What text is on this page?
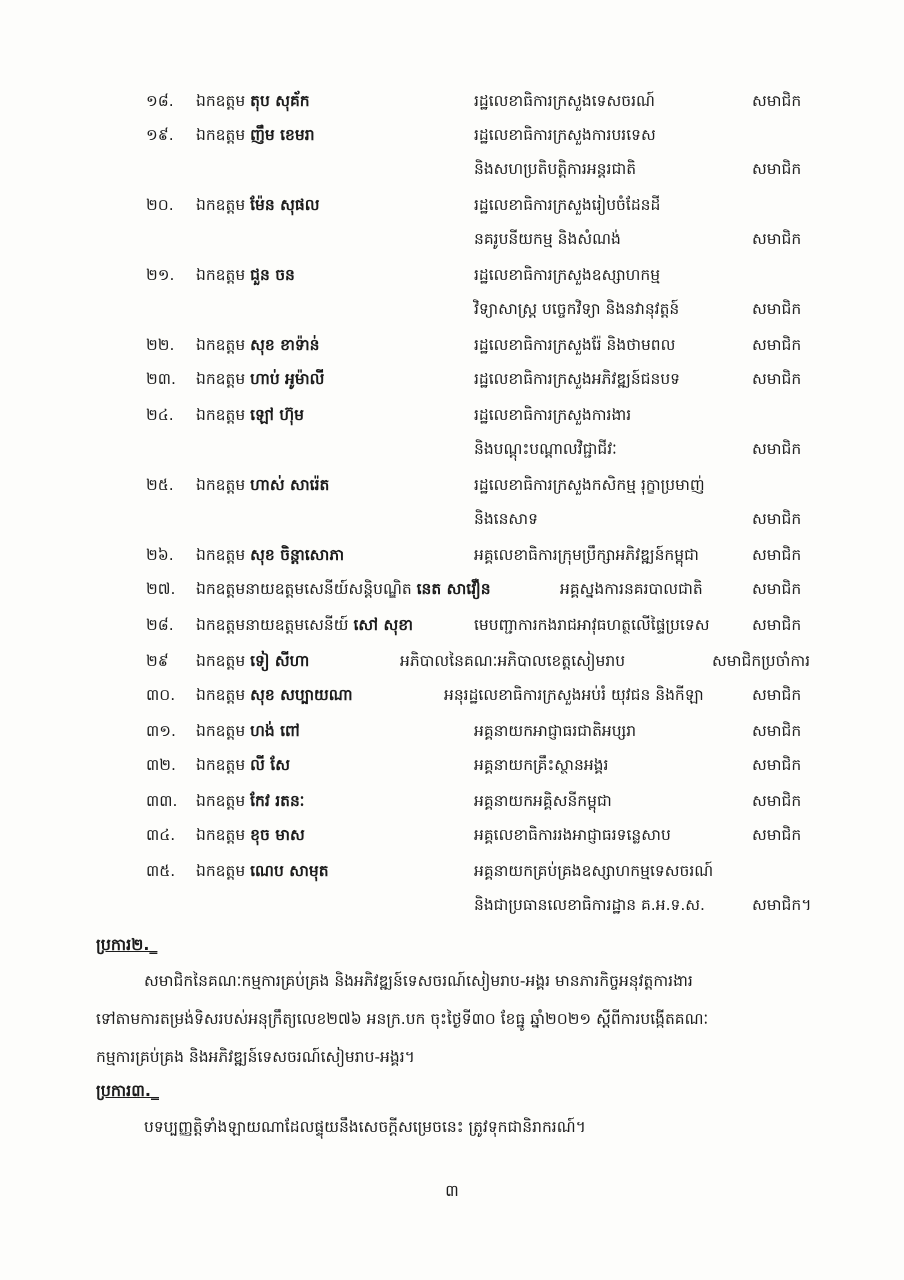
១៨. ឯកឧត្តម តុប សុគ័ក	រដ្ឋលេខាធិការក្រសួងទេសចរណ៍	សមាជិក
១៩. ឯកឧត្តម ញឹម ខេមរា	រដ្ឋលេខាធិការក្រសួងការបរទេស
និងសហប្រតិបត្តិការអន្តរជាតិ	សមាជិក
២០. ឯកឧត្តម ម៉ែន សុផល	រដ្ឋលេខាធិការក្រសួងរៀបចំដែនដី
នគរូបនីយកម្ម និងសំណង់	សមាជិក
២១. ឯកឧត្តម ជួន ចន	រដ្ឋលេខាធិការក្រសួងឧស្សាហកម្ម
វិទ្យាសាស្ត្រ បច្ចេកវិទ្យា និងនវានុវត្តន៍	សមាជិក
២២. ឯកឧត្តម សុខ ខាទ៉ាន់	រដ្ឋលេខាធិការក្រសួងរ៉ែ និងថាមពល	សមាជិក
២៣. ឯកឧត្តម ហាប់ អូម៉ាលី	រដ្ឋលេខាធិការក្រសួងអភិវឌ្ឍន៍ជនបទ	សមាជិក
២៤. ឯកឧត្តម ឡៅ ហ៊ុម	រដ្ឋលេខាធិការក្រសួងការងារ
និងបណ្តុះបណ្តាលវិជ្ជាជីវៈ	សមាជិក
២៥. ឯកឧត្តម ហាស់ សារ៉េត	រដ្ឋលេខាធិការក្រសួងកសិកម្ម រុក្ខាប្រមាញ់
និងនេសាទ	សមាជិក
២៦. ឯកឧត្តម សុខ ចិន្តាសោភា	អគ្គលេខាធិការក្រុមប្រឹក្សាអភិវឌ្ឍន៍កម្ពុជា	សមាជិក
២៧. ឯកឧត្តមនាយឧត្តមសេនីយ៍សន្តិបណ្ឌិត នេត សាវឿន	អគ្គស្នងការនគរបាលជាតិ	សមាជិក
២៨. ឯកឧត្តមនាយឧត្តមសេនីយ៍ សៅ សុខា	មេបញ្ជាការកងរាជអាវុធហត្ថលើផ្ទៃប្រទេស	សមាជិក
២៩ ឯកឧត្តម ទៀ សីហា	អភិបាលនៃគណៈអភិបាលខេត្តសៀមរាប	សមាជិកប្រចាំការ
៣០. ឯកឧត្តម សុខ សប្បាយណា	អនុរដ្ឋលេខាធិការក្រសួងអប់រំ យុវជន និងកីឡា	សមាជិក
៣១. ឯកឧត្តម ហង់ ពៅ	អគ្គនាយកអាជ្ញាធរជាតិអប្សរា	សមាជិក
៣២. ឯកឧត្តម លី សែ	អគ្គនាយកគ្រឹះស្ថានអង្គរ	សមាជិក
៣៣. ឯកឧត្តម កែវ រតនៈ	អគ្គនាយកអគ្គិសនីកម្ពុជា	សមាជិក
៣៤. ឯកឧត្តម ខុច មាស	អគ្គលេខាធិការរងអាជ្ញាធរទន្លេសាប	សមាជិក
៣៥. ឯកឧត្តម ណេប សាមុត	អគ្គនាយកគ្រប់គ្រងឧស្សាហកម្មទេសចរណ៍
និងជាប្រធានលេខាធិការដ្ឋាន គ.អ.ទ.ស.	សមាជិក។
ប្រការ២._
សមាជិកនៃគណៈកម្មការគ្រប់គ្រង និងអភិវឌ្ឍន៍ទេសចរណ៍សៀមរាប-អង្គរ មានភារកិច្ចអនុវត្តការងារ
ទៅតាមការតម្រង់ទិសរបស់អនុក្រឹត្យលេខ២៧៦ អនក្រ.បក ចុះថ្ងៃទី៣០ ខែធ្នូ ឆ្នាំ២០២១ ស្តីពីការបង្កើតគណៈ
កម្មការគ្រប់គ្រង និងអភិវឌ្ឍន៍ទេសចរណ៍សៀមរាប-អង្គរ។
ប្រការ៣._
បទប្បញ្ញត្តិទាំងឡាយណាដែលផ្ទុយនឹងសេចក្តីសម្រេចនេះ ត្រូវទុកជានិរាករណ៍។
៣
